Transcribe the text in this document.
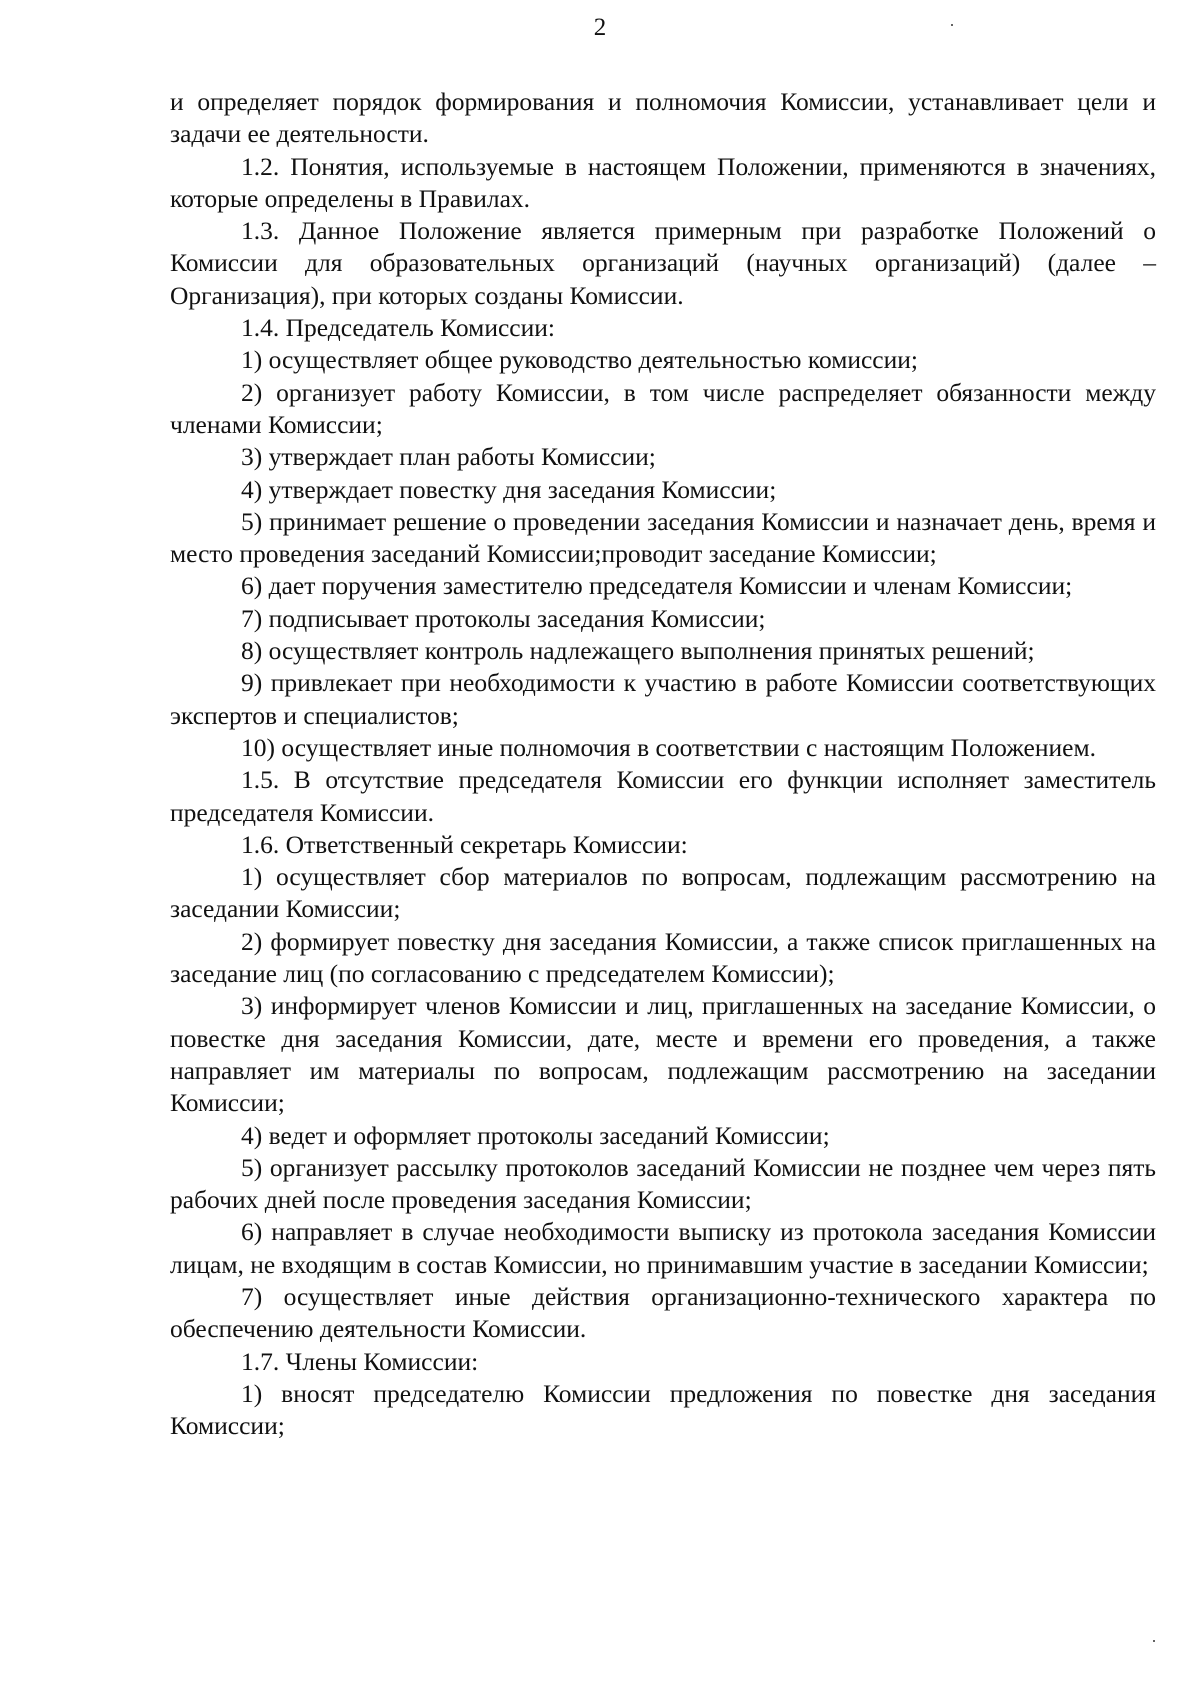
2

и определяет порядок формирования и полномочия Комиссии, устанавливает цели и задачи ее деятельности.

1.2. Понятия, используемые в настоящем Положении, применяются в значениях, которые определены в Правилах.

1.3. Данное Положение является примерным при разработке Положений о Комиссии для образовательных организаций (научных организаций) (далее – Организация), при которых созданы Комиссии.

1.4. Председатель Комиссии:

1) осуществляет общее руководство деятельностью комиссии;

2) организует работу Комиссии, в том числе распределяет обязанности между членами Комиссии;

3) утверждает план работы Комиссии;

4) утверждает повестку дня заседания Комиссии;

5) принимает решение о проведении заседания Комиссии и назначает день, время и место проведения заседаний Комиссии;проводит заседание Комиссии;

6) дает поручения заместителю председателя Комиссии и членам Комиссии;

7) подписывает протоколы заседания Комиссии;

8) осуществляет контроль надлежащего выполнения принятых решений;

9) привлекает при необходимости к участию в работе Комиссии соответствующих экспертов и специалистов;

10) осуществляет иные полномочия в соответствии с настоящим Положением.

1.5. В отсутствие председателя Комиссии его функции исполняет заместитель председателя Комиссии.

1.6. Ответственный секретарь Комиссии:

1) осуществляет сбор материалов по вопросам, подлежащим рассмотрению на заседании Комиссии;

2) формирует повестку дня заседания Комиссии, а также список приглашенных на заседание лиц (по согласованию с председателем Комиссии);

3) информирует членов Комиссии и лиц, приглашенных на заседание Комиссии, о повестке дня заседания Комиссии, дате, месте и времени его проведения, а также направляет им материалы по вопросам, подлежащим рассмотрению на заседании Комиссии;

4) ведет и оформляет протоколы заседаний Комиссии;

5) организует рассылку протоколов заседаний Комиссии не позднее чем через пять рабочих дней после проведения заседания Комиссии;

6) направляет в случае необходимости выписку из протокола заседания Комиссии лицам, не входящим в состав Комиссии, но принимавшим участие в заседании Комиссии;

7) осуществляет иные действия организационно-технического характера по обеспечению деятельности Комиссии.

1.7. Члены Комиссии:

1) вносят председателю Комиссии предложения по повестке дня заседания Комиссии;
